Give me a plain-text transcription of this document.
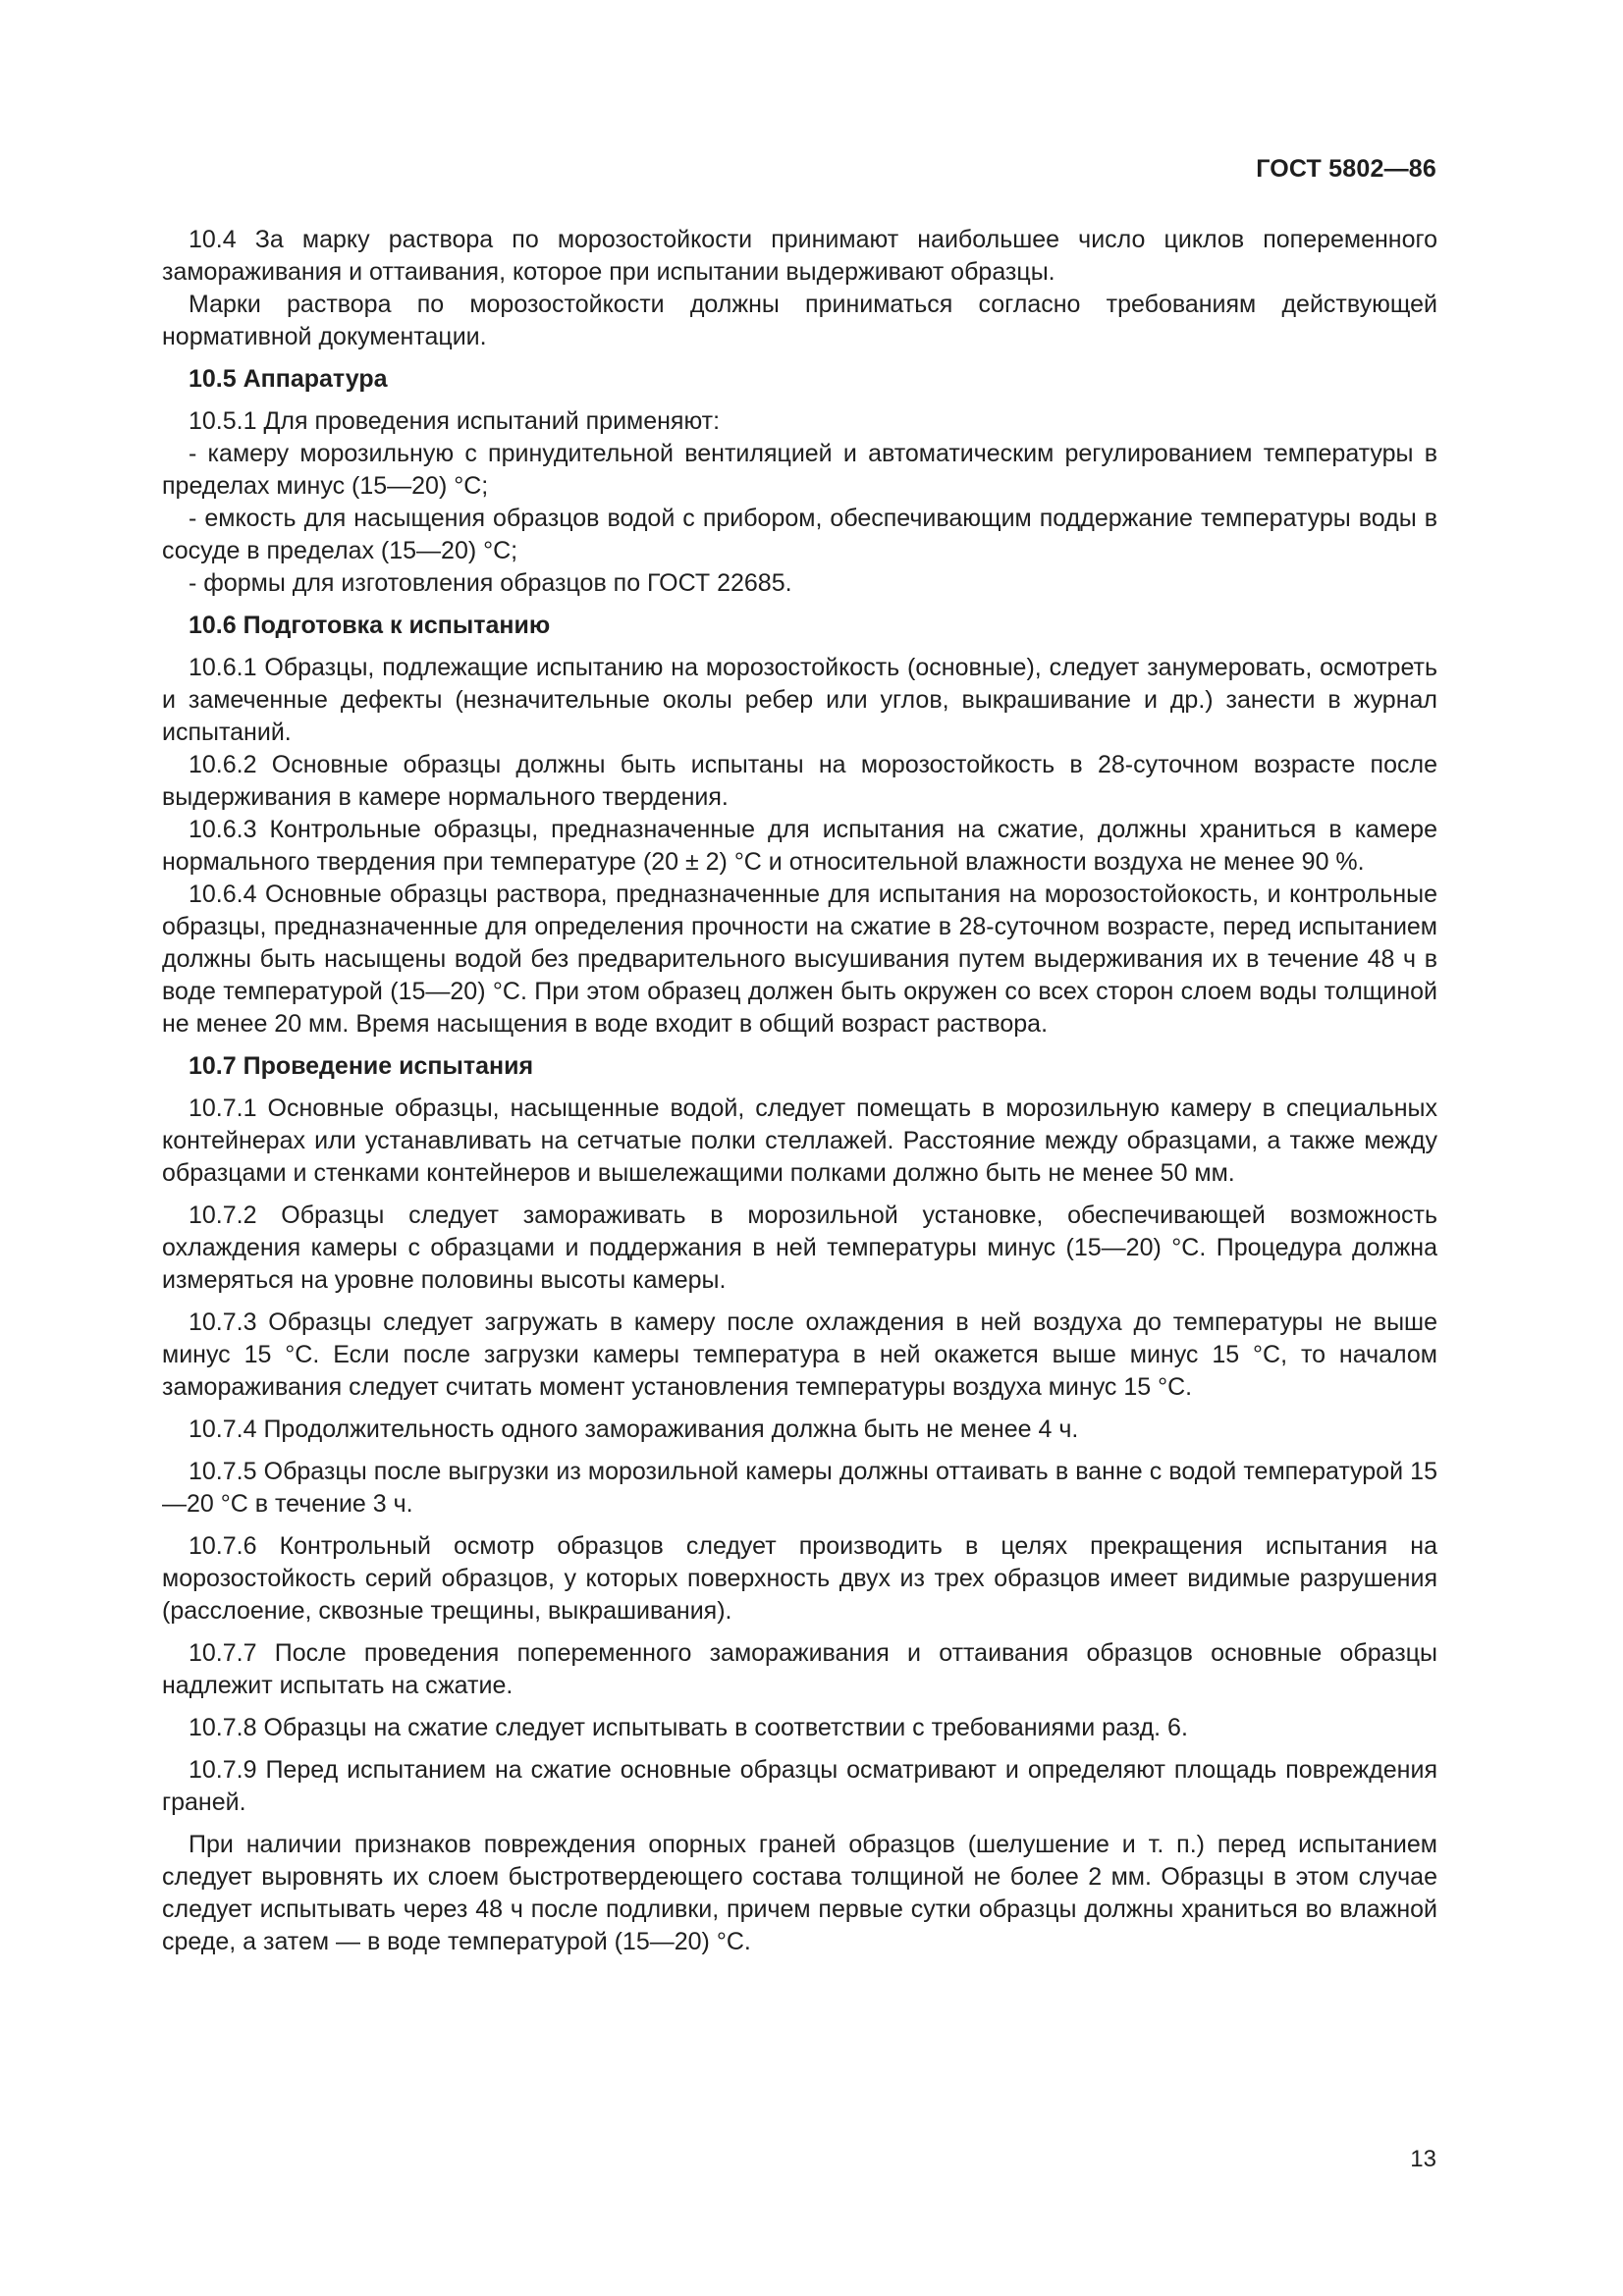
ГОСТ 5802—86

10.4 За марку раствора по морозостойкости принимают наибольшее число циклов попеременного замораживания и оттаивания, которое при испытании выдерживают образцы.

Марки раствора по морозостойкости должны приниматься согласно требованиям действующей нормативной документации.

10.5 Аппаратура

10.5.1 Для проведения испытаний применяют:

- камеру морозильную с принудительной вентиляцией и автоматическим регулированием температуры в пределах минус (15—20) °С;

- емкость для насыщения образцов водой с прибором, обеспечивающим поддержание температуры воды в сосуде в пределах (15—20) °С;

- формы для изготовления образцов по ГОСТ 22685.

10.6 Подготовка к испытанию

10.6.1 Образцы, подлежащие испытанию на морозостойкость (основные), следует занумеровать, осмотреть и замеченные дефекты (незначительные околы ребер или углов, выкрашивание и др.) занести в журнал испытаний.

10.6.2 Основные образцы должны быть испытаны на морозостойкость в 28-суточном возрасте после выдерживания в камере нормального твердения.

10.6.3 Контрольные образцы, предназначенные для испытания на сжатие, должны храниться в камере нормального твердения при температуре (20 ± 2) °С и относительной влажности воздуха не менее 90 %.

10.6.4 Основные образцы раствора, предназначенные для испытания на морозостойокость, и контрольные образцы, предназначенные для определения прочности на сжатие в 28-суточном возрасте, перед испытанием должны быть насыщены водой без предварительного высушивания путем выдерживания их в течение 48 ч в воде температурой (15—20) °С. При этом образец должен быть окружен со всех сторон слоем воды толщиной не менее 20 мм. Время насыщения в воде входит в общий возраст раствора.

10.7 Проведение испытания

10.7.1 Основные образцы, насыщенные водой, следует помещать в морозильную камеру в специальных контейнерах или устанавливать на сетчатые полки стеллажей. Расстояние между образцами, а также между образцами и стенками контейнеров и вышележащими полками должно быть не менее 50 мм.

10.7.2 Образцы следует замораживать в морозильной установке, обеспечивающей возможность охлаждения камеры с образцами и поддержания в ней температуры минус (15—20) °С. Процедура должна измеряться на уровне половины высоты камеры.

10.7.3 Образцы следует загружать в камеру после охлаждения в ней воздуха до температуры не выше минус 15 °С. Если после загрузки камеры температура в ней окажется выше минус 15 °С, то началом замораживания следует считать момент установления температуры воздуха минус 15 °С.

10.7.4 Продолжительность одного замораживания должна быть не менее 4 ч.

10.7.5 Образцы после выгрузки из морозильной камеры должны оттаивать в ванне с водой температурой 15—20 °С в течение 3 ч.

10.7.6 Контрольный осмотр образцов следует производить в целях прекращения испытания на морозостойкость серий образцов, у которых поверхность двух из трех образцов имеет видимые разрушения (расслоение, сквозные трещины, выкрашивания).

10.7.7 После проведения попеременного замораживания и оттаивания образцов основные образцы надлежит испытать на сжатие.

10.7.8 Образцы на сжатие следует испытывать в соответствии с требованиями разд. 6.

10.7.9 Перед испытанием на сжатие основные образцы осматривают и определяют площадь повреждения граней.

При наличии признаков повреждения опорных граней образцов (шелушение и т. п.) перед испытанием следует выровнять их слоем быстротвердеющего состава толщиной не более 2 мм. Образцы в этом случае следует испытывать через 48 ч после подливки, причем первые сутки образцы должны храниться во влажной среде, а затем — в воде температурой (15—20) °С.

13
